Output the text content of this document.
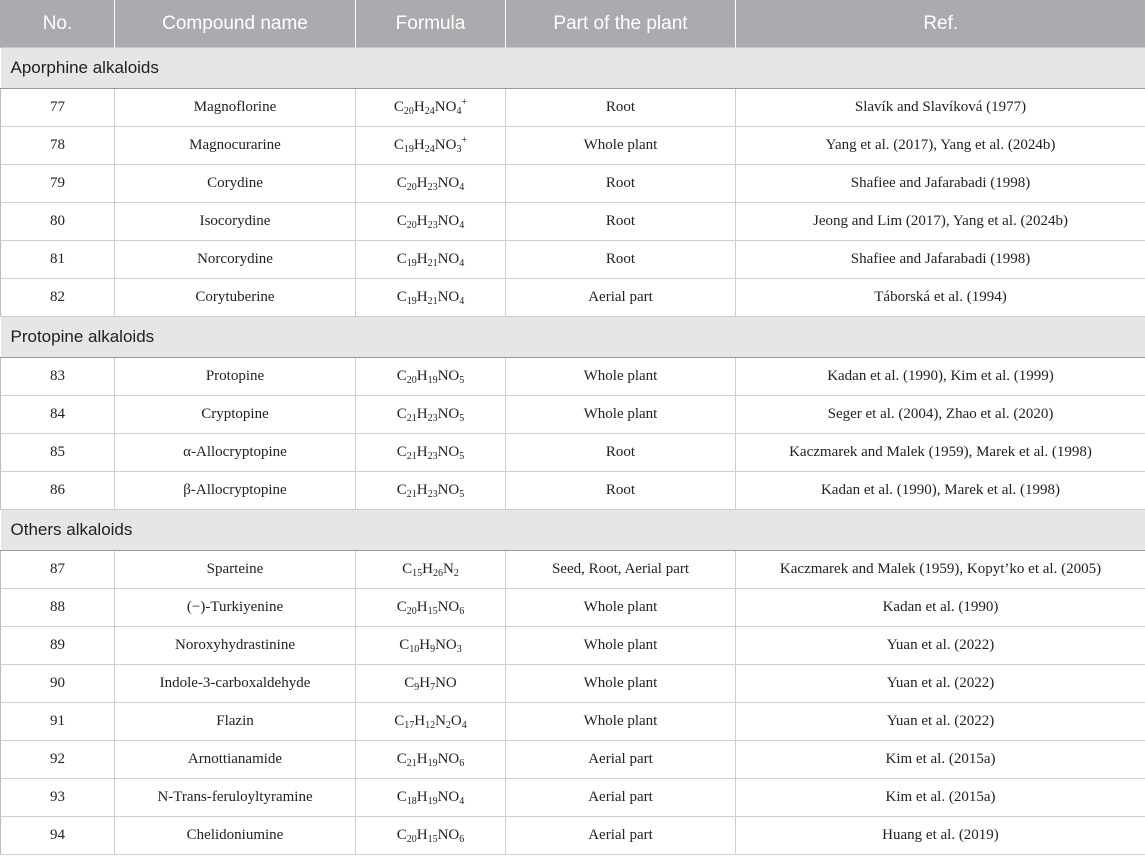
No.	Compound name	Formula	Part of the plant	Ref.
Aporphine alkaloids				
77	Magnoflorine	$C_{20}H_{24}NO_4^+$	Root	Slavík and Slavíková (1977)
78	Magnocurarine	$C_{19}H_{24}NO_3^+$	Whole plant	Yang et al. (2017), Yang et al. (2024b)
79	Corydine	$C_{20}H_{23}NO_4$	Root	Shafiee and Jafarabadi (1998)
80	Isocorydine	$C_{20}H_{23}NO_4$	Root	Jeong and Lim (2017), Yang et al. (2024b)
81	Norcorydine	$C_{19}H_{21}NO_4$	Root	Shafiee and Jafarabadi (1998)
82	Corytuberine	$C_{19}H_{21}NO_4$	Aerial part	Táborská et al. (1994)
Protopine alkaloids				
83	Protopine	$C_{20}H_{19}NO_5$	Whole plant	Kadan et al. (1990), Kim et al. (1999)
84	Cryptopine	$C_{21}H_{23}NO_5$	Whole plant	Seger et al. (2004), Zhao et al. (2020)
85	α-Allocryptopine	$C_{21}H_{23}NO_5$	Root	Kaczmarek and Malek (1959), Marek et al. (1998)
86	β-Allocryptopine	$C_{21}H_{23}NO_5$	Root	Kadan et al. (1990), Marek et al. (1998)
Others alkaloids				
87	Sparteine	$C_{15}H_{26}N_2$	Seed, Root, Aerial part	Kaczmarek and Malek (1959), Kopyt’ko et al. (2005)
88	(−)-Turkiyenine	$C_{20}H_{15}NO_6$	Whole plant	Kadan et al. (1990)
89	Noroxyhydrastinine	$C_{10}H_9NO_3$	Whole plant	Yuan et al. (2022)
90	Indole-3-carboxaldehyde	$C_9H_7NO$	Whole plant	Yuan et al. (2022)
91	Flazin	$C_{17}H_{12}N_2O_4$	Whole plant	Yuan et al. (2022)
92	Arnottianamide	$C_{21}H_{19}NO_6$	Aerial part	Kim et al. (2015a)
93	N-Trans-feruloyltyramine	$C_{18}H_{19}NO_4$	Aerial part	Kim et al. (2015a)
94	Chelidoniumine	$C_{20}H_{15}NO_6$	Aerial part	Huang et al. (2019)
